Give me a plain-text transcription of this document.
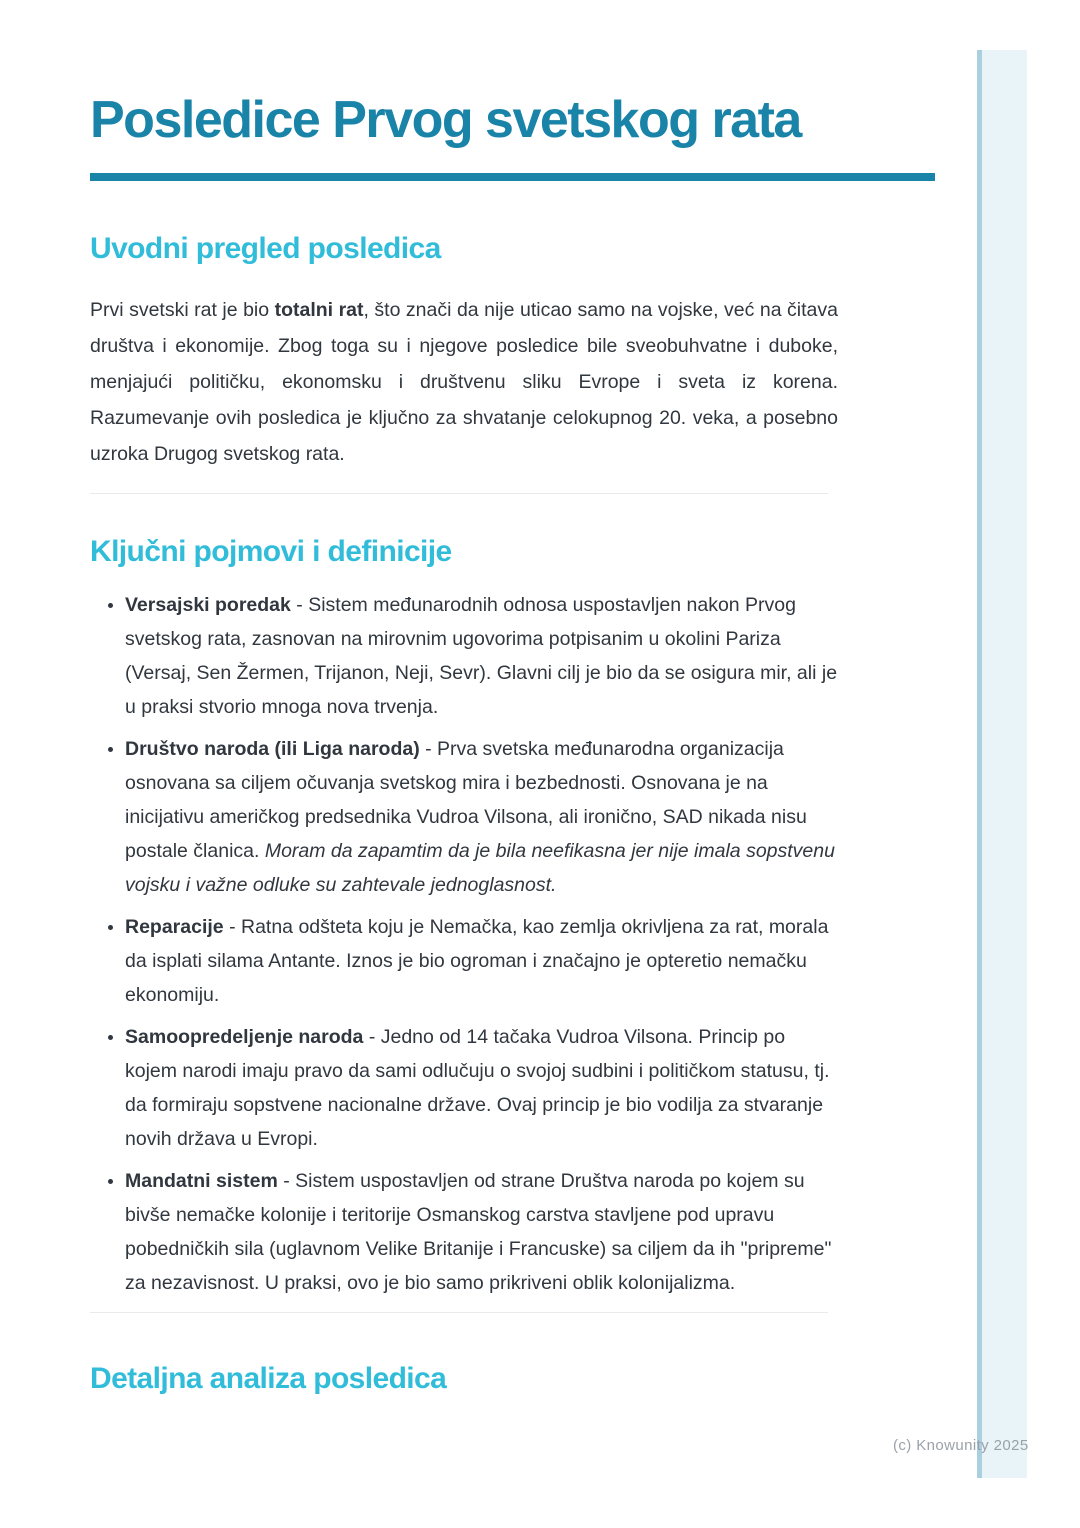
(c) Knowunity 2025
Posledice Prvog svetskog rata
Uvodni pregled posledica

Prvi svetski rat je bio totalni rat, što znači da nije uticao samo na vojske, već na čitava društva i ekonomije. Zbog toga su i njegove posledice bile sveobuhvatne i duboke, menjajući političku, ekonomsku i društvenu sliku Evrope i sveta iz korena. Razumevanje ovih posledica je ključno za shvatanje celokupnog 20. veka, a posebno uzroka Drugog svetskog rata.

Ključni pojmovi i definicije
• Versajski poredak - Sistem međunarodnih odnosa uspostavljen nakon Prvog svetskog rata, zasnovan na mirovnim ugovorima potpisanim u okolini Pariza (Versaj, Sen Žermen, Trijanon, Neji, Sevr). Glavni cilj je bio da se osigura mir, ali je u praksi stvorio mnoga nova trvenja.
• Društvo naroda (ili Liga naroda) - Prva svetska međunarodna organizacija osnovana sa ciljem očuvanja svetskog mira i bezbednosti. Osnovana je na inicijativu američkog predsednika Vudroa Vilsona, ali ironično, SAD nikada nisu postale članica. Moram da zapamtim da je bila neefikasna jer nije imala sopstvenu vojsku i važne odluke su zahtevale jednoglasnost.
• Reparacije - Ratna odšteta koju je Nemačka, kao zemlja okrivljena za rat, morala da isplati silama Antante. Iznos je bio ogroman i značajno je opteretio nemačku ekonomiju.
• Samoopredeljenje naroda - Jedno od 14 tačaka Vudroa Vilsona. Princip po kojem narodi imaju pravo da sami odlučuju o svojoj sudbini i političkom statusu, tj. da formiraju sopstvene nacionalne države. Ovaj princip je bio vodilja za stvaranje novih država u Evropi.
• Mandatni sistem - Sistem uspostavljen od strane Društva naroda po kojem su bivše nemačke kolonije i teritorije Osmanskog carstva stavljene pod upravu pobedničkih sila (uglavnom Velike Britanije i Francuske) sa ciljem da ih "pripreme" za nezavisnost. U praksi, ovo je bio samo prikriveni oblik kolonijalizma.
Detaljna analiza posledica
